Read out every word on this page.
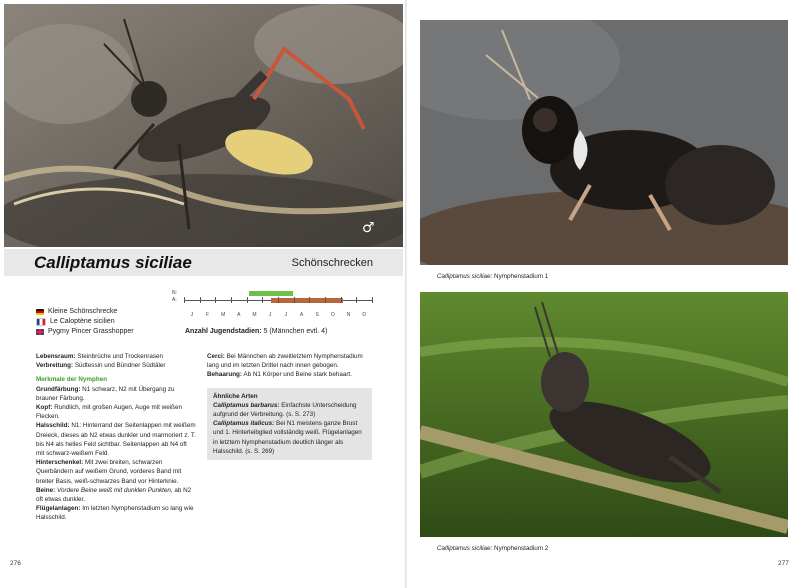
♂
Calliptamus siciliae	Schönschrecken
Kleine Schönschrecke
Le Caloptène sicilien
Pygmy Pincer Grasshopper
N:
A:
J	F	M	A	M	J	J	A	S	O	N	D
Anzahl Jugendstadien: 5 (Männchen evtl. 4)

Lebensraum: Steinbrüche und Trockenrasen

Verbreitung: Südtessin und Bündner Südtäler

Merkmale der Nymphen

Grundfärbung: N1 schwarz, N2 mit Übergang zu brauner Färbung.

Kopf: Rundlich, mit großen Augen, Auge mit weißen Flecken.

Halsschild: N1: Hinterrand der Seitenlappen mit weißem Dreieck, dieses ab N2 etwas dunkler und marmoriert z. T. bis N4 als helles Feld sichtbar. Seitenlappen ab N4 oft mit schwarz-weißem Feld.

Hinterschenkel: Mit zwei breiten, schwarzen Querbändern auf weißem Grund, vorderes Band mit breiter Basis, weiß-schwarzes Band vor Hinterknie.

Beine: Vordere Beine weiß mit dunklen Punkten, ab N2 oft etwas dunkler.

Flügelanlagen: Im letzten Nymphenstadium so lang wie Halsschild.

Cerci: Bei Männchen ab zweitletztem Nymphenstadium lang und im letzten Drittel nach innen gebogen.

Behaarung: Ab N1 Körper und Beine stark behaart.

Ähnliche Arten

Calliptamus barbarus: Einfachste Unterscheidung aufgrund der Verbreitung. (s. S. 273)

Calliptamus italicus: Bei N1 meistens ganze Brust und 1. Hinterleibglied vollständig weiß. Flügelanlagen in letztem Nymphenstadium deutlich länger als Halsschild. (s. S. 269)

276
Calliptamus siciliae: Nymphenstadium 1
Calliptamus siciliae: Nymphenstadium 2
277
